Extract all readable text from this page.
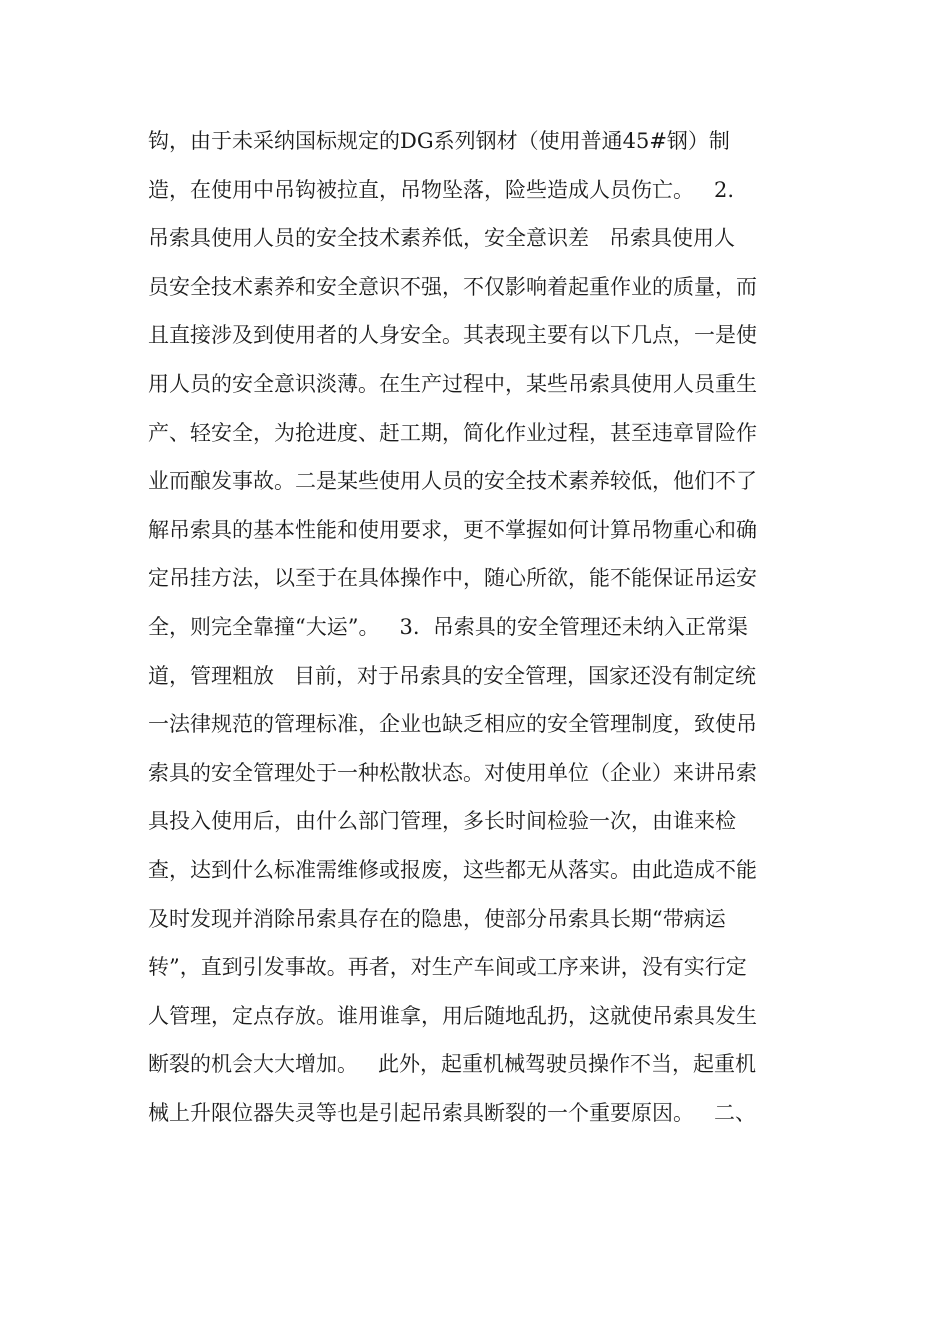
钩，由于未采纳国标规定的DG系列钢材（使用普通45#钢）制
造，在使用中吊钩被拉直，吊物坠落，险些造成人员伤亡。   2.
吊索具使用人员的安全技术素养低，安全意识差   吊索具使用人
员安全技术素养和安全意识不强，不仅影响着起重作业的质量，而
且直接涉及到使用者的人身安全。其表现主要有以下几点，一是使
用人员的安全意识淡薄。在生产过程中，某些吊索具使用人员重生
产、轻安全，为抢进度、赶工期，简化作业过程，甚至违章冒险作
业而酿发事故。二是某些使用人员的安全技术素养较低，他们不了
解吊索具的基本性能和使用要求，更不掌握如何计算吊物重心和确
定吊挂方法，以至于在具体操作中，随心所欲，能不能保证吊运安
全，则完全靠撞“大运”。   3.  吊索具的安全管理还未纳入正常渠
道，管理粗放   目前，对于吊索具的安全管理，国家还没有制定统
一法律规范的管理标准，企业也缺乏相应的安全管理制度，致使吊
索具的安全管理处于一种松散状态。对使用单位（企业）来讲吊索
具投入使用后，由什么部门管理，多长时间检验一次，由谁来检
查，达到什么标准需维修或报废，这些都无从落实。由此造成不能
及时发现并消除吊索具存在的隐患，使部分吊索具长期“带病运
转”，直到引发事故。再者，对生产车间或工序来讲，没有实行定
人管理，定点存放。谁用谁拿，用后随地乱扔，这就使吊索具发生
断裂的机会大大增加。   此外，起重机械驾驶员操作不当，起重机
械上升限位器失灵等也是引起吊索具断裂的一个重要原因。   二、
